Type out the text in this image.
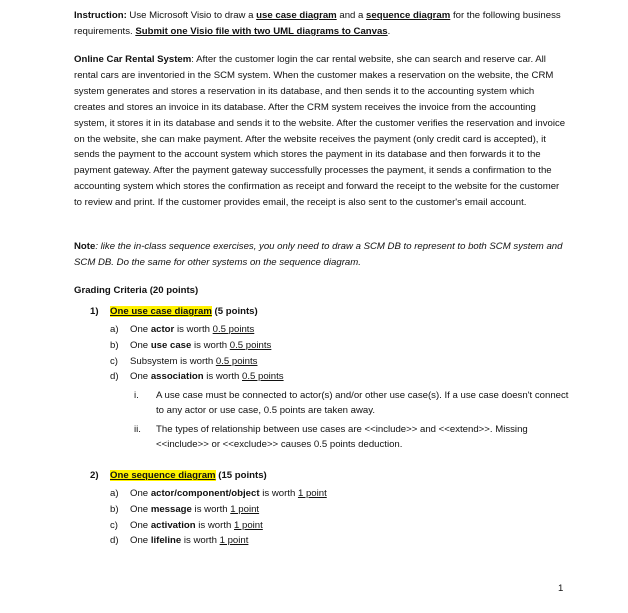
Instruction: Use Microsoft Visio to draw a use case diagram and a sequence diagram for the following business requirements. Submit one Visio file with two UML diagrams to Canvas.
Online Car Rental System: After the customer login the car rental website, she can search and reserve car. All rental cars are inventoried in the SCM system. When the customer makes a reservation on the website, the CRM system generates and stores a reservation in its database, and then sends it to the accounting system which creates and stores an invoice in its database. After the CRM system receives the invoice from the accounting system, it stores it in its database and sends it to the website. After the customer verifies the reservation and invoice on the website, she can make payment. After the website receives the payment (only credit card is accepted), it sends the payment to the account system which stores the payment in its database and then forwards it to the payment gateway. After the payment gateway successfully processes the payment, it sends a confirmation to the accounting system which stores the confirmation as receipt and forward the receipt to the website for the customer to review and print. If the customer provides email, the receipt is also sent to the customer's email account.
Note: like the in-class sequence exercises, you only need to draw a SCM DB to represent to both SCM system and SCM DB. Do the same for other systems on the sequence diagram.
Grading Criteria (20 points)
1) One use case diagram (5 points)
a) One actor is worth 0.5 points
b) One use case is worth 0.5 points
c) Subsystem is worth 0.5 points
d) One association is worth 0.5 points
i. A use case must be connected to actor(s) and/or other use case(s). If a use case doesn't connect to any actor or use case, 0.5 points are taken away.
ii. The types of relationship between use cases are <<include>> and <<extend>>. Missing <<include>> or <<exclude>> causes 0.5 points deduction.
2) One sequence diagram (15 points)
a) One actor/component/object is worth 1 point
b) One message is worth 1 point
c) One activation is worth 1 point
d) One lifeline is worth 1 point
1
